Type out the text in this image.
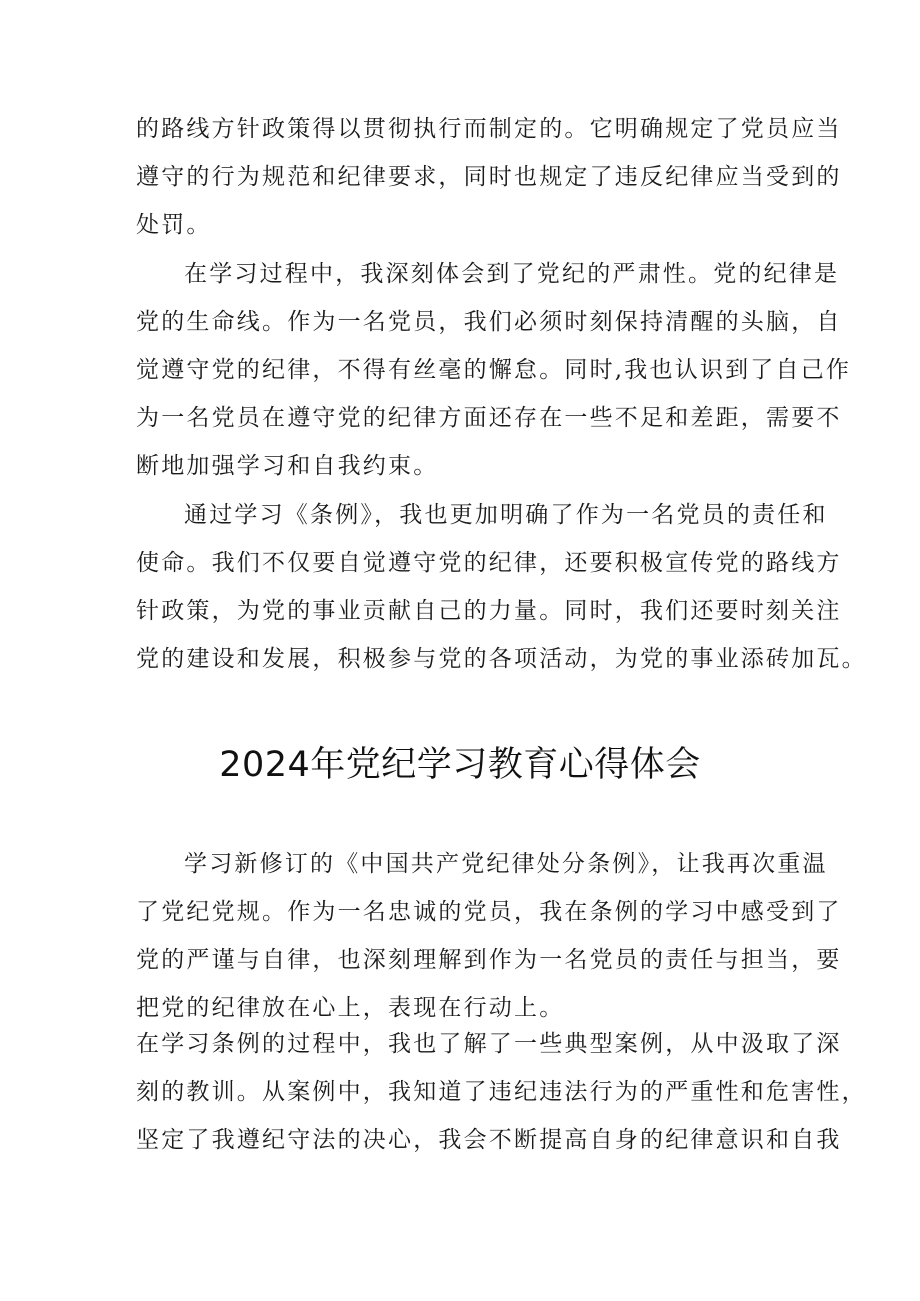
的路线方针政策得以贯彻执行而制定的。它明确规定了党员应当
遵守的行为规范和纪律要求，同时也规定了违反纪律应当受到的
处罚。
在学习过程中，我深刻体会到了党纪的严肃性。党的纪律是
党的生命线。作为一名党员，我们必须时刻保持清醒的头脑，自
觉遵守党的纪律，不得有丝毫的懈怠。同时,我也认识到了自己作
为一名党员在遵守党的纪律方面还存在一些不足和差距，需要不
断地加强学习和自我约束。
通过学习《条例》，我也更加明确了作为一名党员的责任和
使命。我们不仅要自觉遵守党的纪律，还要积极宣传党的路线方
针政策，为党的事业贡献自己的力量。同时，我们还要时刻关注
党的建设和发展，积极参与党的各项活动，为党的事业添砖加瓦。
2024年党纪学习教育心得体会
学习新修订的《中国共产党纪律处分条例》，让我再次重温
了党纪党规。作为一名忠诚的党员，我在条例的学习中感受到了
党的严谨与自律，也深刻理解到作为一名党员的责任与担当，要
把党的纪律放在心上，表现在行动上。
在学习条例的过程中，我也了解了一些典型案例，从中汲取了深
刻的教训。从案例中，我知道了违纪违法行为的严重性和危害性，
坚定了我遵纪守法的决心，我会不断提高自身的纪律意识和自我
